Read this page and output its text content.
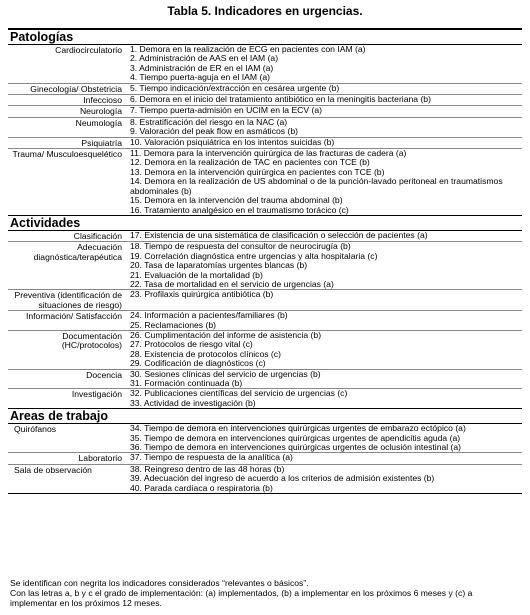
Tabla 5. Indicadores en urgencias.
Patologías
Cardiocirculatorio 1. Demora en la realización de ECG en pacientes con IAM (a)
2. Administración de AAS en el IAM (a)
3. Administración de ER en el IAM (a)
4. Tiempo puerta-aguja en el IAM (a)
Ginecología/ Obstetricia 5. Tiempo indicación/extracción en cesárea urgente (b)
Infeccioso 6. Demora en el inicio del tratamiento antibiótico en la meningitis bacteriana (b)
Neurología 7. Tiempo puerta-admisión en UCIM en la ECV (a)
Neumología 8. Estratificación del riesgo en la NAC (a)
9. Valoración del peak flow en asmáticos (b)
Psiquiatría 10. Valoración psiquiátrica en los intentos suicidas (b)
Trauma/ Musculoesquelético 11. Demora para la intervención quirúrgica de las fracturas de cadera (a)
12. Demora en la realización de TAC en pacientes con TCE (b)
13. Demora en la intervención quirúrgica en pacientes con TCE (b)
14. Demora en la realización de US abdominal o de la punción-lavado peritoneal en traumatismos abdominales (b)
15. Demora en la intervención del trauma abdominal (b)
16. Tratamiento analgésico en el traumatismo torácico (c)
Actividades
Clasificación 17. Existencia de una sistemática de clasificación o selección de pacientes (a)
Adecuación diagnóstica/terapéutica
18. Tiempo de respuesta del consultor de neurocirugía (b)
19. Correlación diagnóstica entre urgencias y alta hospitalaria (c)
20. Tasa de laparatomías urgentes blancas (b)
21. Evaluación de la mortalidad (b)
22. Tasa de mortalidad en el servicio de urgencias (a)
Preventiva (identificación de situaciones de riesgo)
23. Profilaxis quirúrgica antibiótica (b)
Información/ Satisfacción 24. Información a pacientes/familiares (b)
25. Reclamaciones (b)
Documentación (HC/protocolos)
26. Cumplimentación del informe de asistencia (b)
27. Protocolos de riesgo vital (c)
28. Existencia de protocolos clínicos (c)
29. Codificación de diagnósticos (c)
Docencia 30. Sesiones clínicas del servicio de urgencias (b)
31. Formación continuada (b)
Investigación 32. Publicaciones científicas del servicio de urgencias (c)
33. Actividad de investigación (b)
Areas de trabajo
Quirófanos	34. Tiempo de demora en intervenciones quirúrgicas urgentes de embarazo ectópico (a)
35. Tiempo de demora en intervenciones quirúrgicas urgentes de apendicitis aguda (a)
36. Tiempo de demora en intervenciones quirúrgicas urgentes de oclusión intestinal (a)
Laboratorio 37. Tiempo de respuesta de la analítica (a)
Sala de observación	38. Reingreso dentro de las 48 horas (b)
39. Adecuación del ingreso de acuerdo a los criterios de admisión existentes (b)
40. Parada cardíaca o respiratoria (b)

Se identifican con negrita los indicadores considerados “relevantes o básicos”.

Con las letras a, b y c el grado de implementación: (a) implementados, (b) a implementar en los próximos 6 meses y (c) a implementar en los próximos 12 meses.
